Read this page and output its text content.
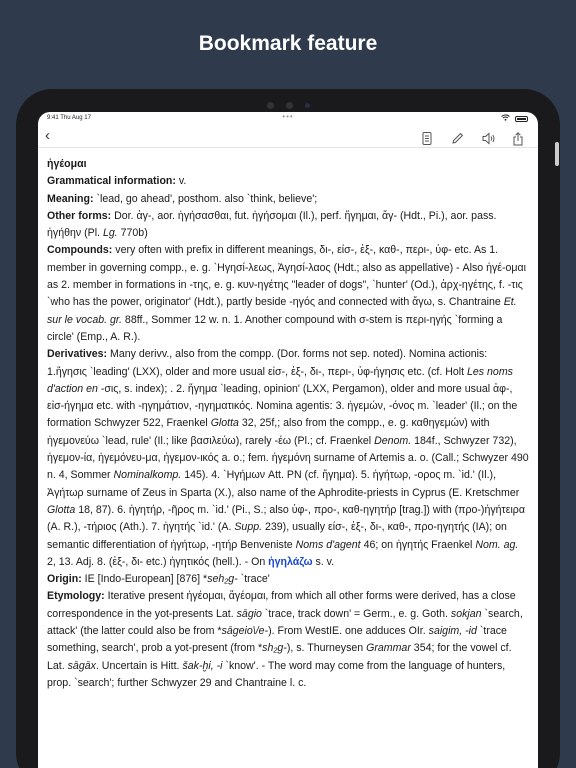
Bookmark feature
9:41 Thu Aug 17	•••

‹

ἡγέομαι
Grammatical information: v.
Meaning: `lead, go ahead', posthom. also `think, believe';
Other forms: Dor. ἀγ-, aor. ἡγήσασθαι, fut. ἡγήσομαι (Il.), perf. ἥγημαι, ἅγ- (Hdt., Pi.), aor. pass. ἡγήθην (Pl. Lg. 770b)
Compounds: very often with prefix in different meanings, δι-, είσ-, ἐξ-, καθ-, περι-, ὑφ- etc. As 1. member in governing compp., e. g. `Ηγησί-λεως, Ἀγησί-λαος (Hdt.; also as appellative) - Also ἡγέ-ομαι as 2. member in formations in -της, e. g. κυν-ηγέτης "leader of dogs", `hunter' (Od.), ἀρχ-ηγέτης, f. -τις `who has the power, originator' (Hdt.), partly beside -ηγός and connected with ἄγω, s. Chantraine Et. sur le vocab. gr. 88ff., Sommer 12 w. n. 1. Another compound with σ-stem is περι-ηγής `forming a circle' (Emp., A. R.).
Derivatives: Many derivv., also from the compp. (Dor. forms not sep. noted). Nomina actionis: 1.ἥγησις `leading' (LXX), older and more usual εἰσ-, ἐξ-, δι-, περι-, ὑφ-ήγησις etc. (cf. Holt Les noms d'action en -σις, s. index); . 2. ἥγημα `leading, opinion' (LXX, Pergamon), older and more usual ἀφ-, εἰσ-ήγημα etc. with -ηγημάτιον, -ηγηματικός. Nomina agentis: 3. ἡγεμών, -όνος m. `leader' (Il.; on the formation Schwyzer 522, Fraenkel Glotta 32, 25f,; also from the compp., e. g. καθηγεμών) with ἡγεμονεύω `lead, rule' (Il.; like βασιλεύω), rarely -έω (Pl.; cf. Fraenkel Denom. 184f., Schwyzer 732), ἡγεμον-ία, ἡγεμόνευ-μα, ἡγεμον-ικός a. o.; fem. ἡγεμόνη surname of Artemis a. o. (Call.; Schwyzer 490 n. 4, Sommer Nominalkomp. 145). 4. `Ηγήμων Att. PN (cf. ἥγημα). 5. ἡγήτωρ, -ορος m. `id.' (Il.), Ἀγήτωρ surname of Zeus in Sparta (X.), also name of the Aphrodite-priests in Cyprus (E. Kretschmer Glotta 18, 87). 6. ἡγητήρ, -ῆρος m. `id.' (Pi., S.; also ὑφ-, προ-, καθ-ηγητήρ [trag.]) with (προ-)ἡγήτειρα (A. R.), -τήριος (Ath.). 7. ἡγητής `id.' (A. Supp. 239), usually είσ-, ἐξ-, δι-, καθ-, προ-ηγητής (IA); on semantic differentiation of ἡγήτωρ, -ητήρ Benveniste Noms d'agent 46; on ἡγητής Fraenkel Nom. ag. 2, 13. Adj. 8. (ἐξ-, δι- etc.) ἡγητικός (hell.). - On ἡγηλάζω s. v.
Origin: IE [Indo-European] [876] *seh₂g- `trace'
Etymology: Iterative present ἡγέομαι, ἅγέομαι, from which all other forms were derived, has a close correspondence in the yot-presents Lat. sāgio `trace, track down' = Germ., e. g. Goth. sokjan `search, attack' (the latter could also be from *sāgeio\/e-). From WestIE. one adduces OIr. saigim, -id `trace something, search', prob a yot-present (from *sh₂g-), s. Thurneysen Grammar 354; for the vowel cf. Lat. sāgāx. Uncertain is Hitt. šak-ḫi, -i `know'. - The word may come from the language of hunters, prop. `search'; further Schwyzer 29 and Chantraine l. c.
